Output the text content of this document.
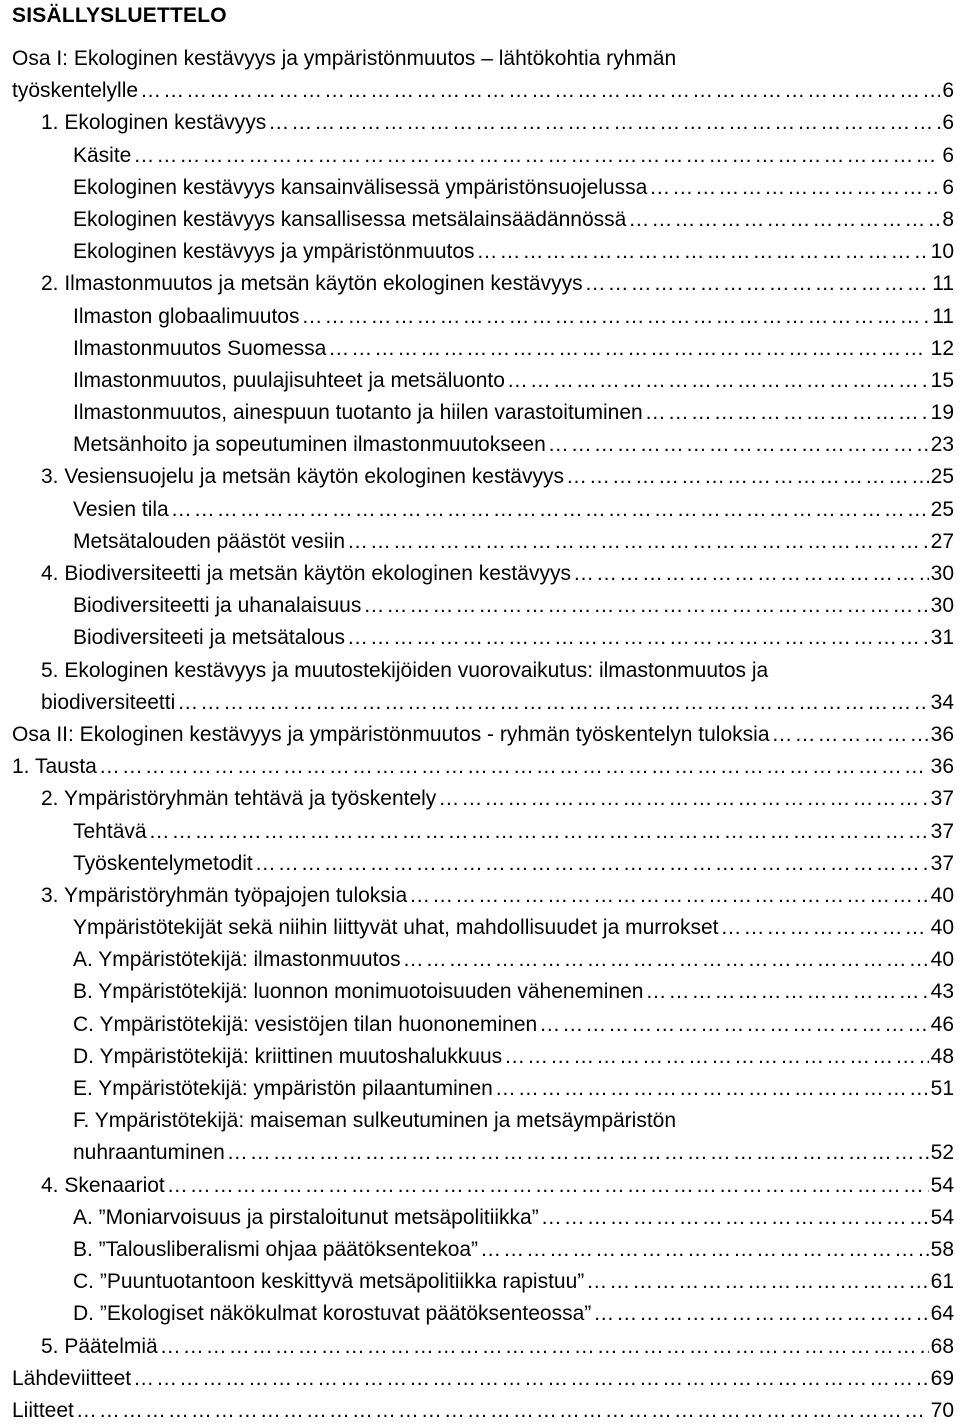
SISÄLLYSLUETTELO
Osa I: Ekologinen kestävyys ja ympäristönmuutos – lähtökohtia ryhmän
työskentelylle …………………………………………………………………………………………………………………………………………………………………………………………………………………………………	6
1. Ekologinen kestävyys …………………………………………………………………………………………………………………………………………………………………………………………………………………………………	6
Käsite …………………………………………………………………………………………………………………………………………………………………………………………………………………………………	6
Ekologinen kestävyys kansainvälisessä ympäristönsuojelussa …………………………………………………………………………………………………………………………………………………………………………………………………………………………………	6
Ekologinen kestävyys kansallisessa metsälainsäädännössä …………………………………………………………………………………………………………………………………………………………………………………………………………………………………	8
Ekologinen kestävyys ja ympäristönmuutos …………………………………………………………………………………………………………………………………………………………………………………………………………………………………	10
2. Ilmastonmuutos ja metsän käytön ekologinen kestävyys …………………………………………………………………………………………………………………………………………………………………………………………………………………………………	11
Ilmaston globaalimuutos …………………………………………………………………………………………………………………………………………………………………………………………………………………………………	11
Ilmastonmuutos Suomessa …………………………………………………………………………………………………………………………………………………………………………………………………………………………………	12
Ilmastonmuutos, puulajisuhteet ja metsäluonto …………………………………………………………………………………………………………………………………………………………………………………………………………………………………	15
Ilmastonmuutos, ainespuun tuotanto ja hiilen varastoituminen …………………………………………………………………………………………………………………………………………………………………………………………………………………………………	19
Metsänhoito ja sopeutuminen ilmastonmuutokseen …………………………………………………………………………………………………………………………………………………………………………………………………………………………………	23
3. Vesiensuojelu ja metsän käytön ekologinen kestävyys …………………………………………………………………………………………………………………………………………………………………………………………………………………………………	25
Vesien tila …………………………………………………………………………………………………………………………………………………………………………………………………………………………………	25
Metsätalouden päästöt vesiin …………………………………………………………………………………………………………………………………………………………………………………………………………………………………	27
4. Biodiversiteetti ja metsän käytön ekologinen kestävyys …………………………………………………………………………………………………………………………………………………………………………………………………………………………………	30
Biodiversiteetti ja uhanalaisuus …………………………………………………………………………………………………………………………………………………………………………………………………………………………………	30
Biodiversiteeti ja metsätalous …………………………………………………………………………………………………………………………………………………………………………………………………………………………………	31
5. Ekologinen kestävyys ja muutostekijöiden vuorovaikutus: ilmastonmuutos ja
biodiversiteetti …………………………………………………………………………………………………………………………………………………………………………………………………………………………………	34
Osa II: Ekologinen kestävyys ja ympäristönmuutos - ryhmän työskentelyn tuloksia …………………………………………………………………………………………………………………………………………………………………………………………………………………………………	36
1. Tausta …………………………………………………………………………………………………………………………………………………………………………………………………………………………………	36
2. Ympäristöryhmän tehtävä ja työskentely …………………………………………………………………………………………………………………………………………………………………………………………………………………………………	37
Tehtävä …………………………………………………………………………………………………………………………………………………………………………………………………………………………………	37
Työskentelymetodit …………………………………………………………………………………………………………………………………………………………………………………………………………………………………	37
3. Ympäristöryhmän työpajojen tuloksia …………………………………………………………………………………………………………………………………………………………………………………………………………………………………	40
Ympäristötekijät sekä niihin liittyvät uhat, mahdollisuudet ja murrokset …………………………………………………………………………………………………………………………………………………………………………………………………………………………………	40
A. Ympäristötekijä: ilmastonmuutos …………………………………………………………………………………………………………………………………………………………………………………………………………………………………	40
B. Ympäristötekijä: luonnon monimuotoisuuden väheneminen …………………………………………………………………………………………………………………………………………………………………………………………………………………………………	43
C. Ympäristötekijä: vesistöjen tilan huononeminen …………………………………………………………………………………………………………………………………………………………………………………………………………………………………	46
D. Ympäristötekijä: kriittinen muutoshalukkuus …………………………………………………………………………………………………………………………………………………………………………………………………………………………………	48
E. Ympäristötekijä: ympäristön pilaantuminen …………………………………………………………………………………………………………………………………………………………………………………………………………………………………	51
F. Ympäristötekijä: maiseman sulkeutuminen ja metsäympäristön
nuhraantuminen …………………………………………………………………………………………………………………………………………………………………………………………………………………………………	52
4. Skenaariot …………………………………………………………………………………………………………………………………………………………………………………………………………………………………	54
A. ”Moniarvoisuus ja pirstaloitunut metsäpolitiikka” …………………………………………………………………………………………………………………………………………………………………………………………………………………………………	54
B. ”Talousliberalismi ohjaa päätöksentekoa” …………………………………………………………………………………………………………………………………………………………………………………………………………………………………	58
C. ”Puuntuotantoon keskittyvä metsäpolitiikka rapistuu” …………………………………………………………………………………………………………………………………………………………………………………………………………………………………	61
D. ”Ekologiset näkökulmat korostuvat päätöksenteossa” …………………………………………………………………………………………………………………………………………………………………………………………………………………………………	64
5. Päätelmiä …………………………………………………………………………………………………………………………………………………………………………………………………………………………………	68
Lähdeviitteet …………………………………………………………………………………………………………………………………………………………………………………………………………………………………	69
Liitteet …………………………………………………………………………………………………………………………………………………………………………………………………………………………………	70
